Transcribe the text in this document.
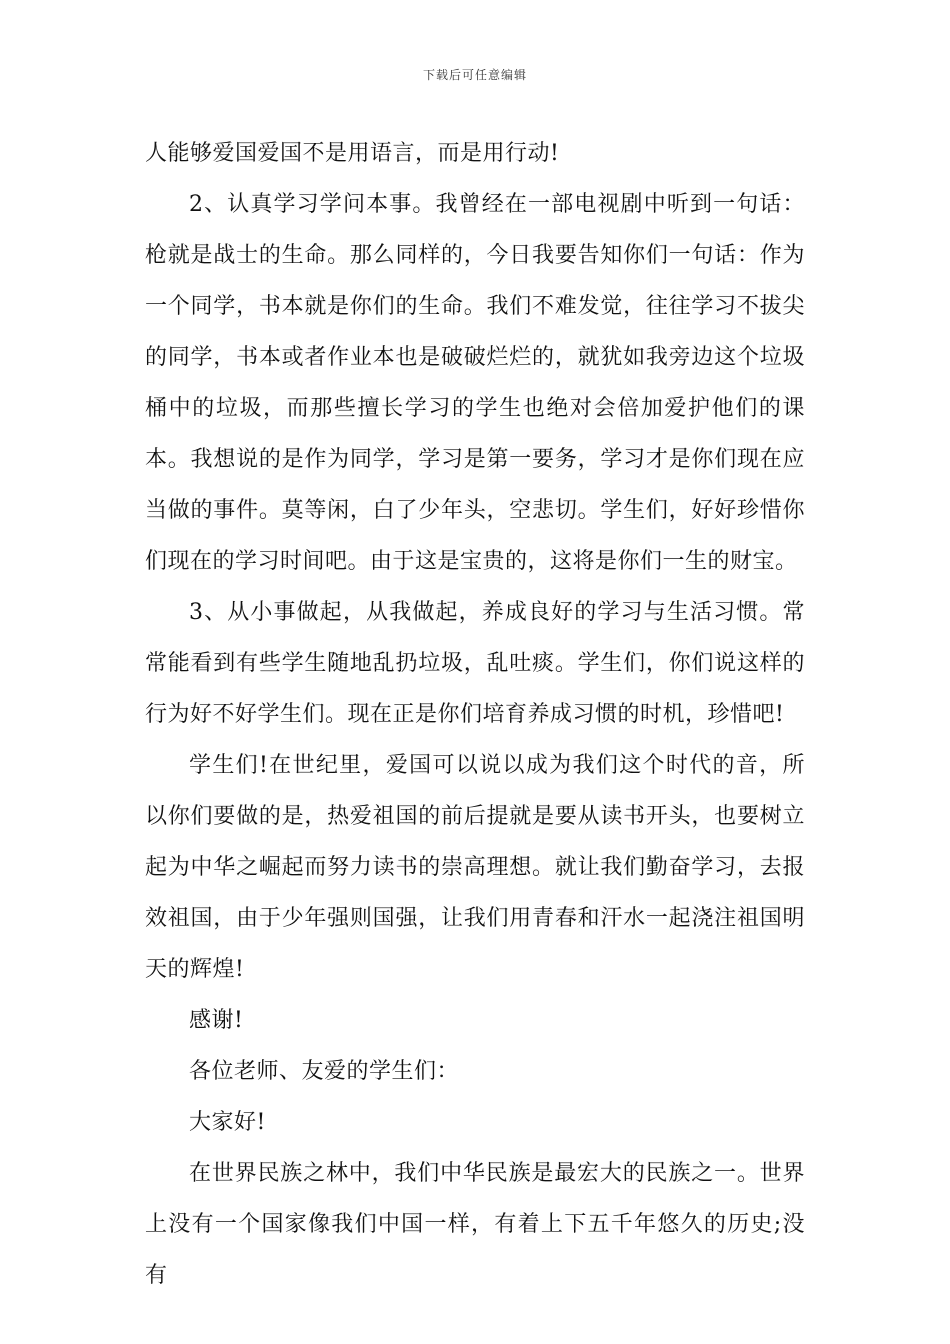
下载后可任意编辑

人能够爱国爱国不是用语言，而是用行动!

2、认真学习学问本事。我曾经在一部电视剧中听到一句话：枪就是战士的生命。那么同样的，今日我要告知你们一句话：作为一个同学，书本就是你们的生命。我们不难发觉，往往学习不拔尖的同学，书本或者作业本也是破破烂烂的，就犹如我旁边这个垃圾桶中的垃圾，而那些擅长学习的学生也绝对会倍加爱护他们的课本。我想说的是作为同学，学习是第一要务，学习才是你们现在应当做的事件。莫等闲，白了少年头，空悲切。学生们，好好珍惜你们现在的学习时间吧。由于这是宝贵的，这将是你们一生的财宝。

3、从小事做起，从我做起，养成良好的学习与生活习惯。常常能看到有些学生随地乱扔垃圾，乱吐痰。学生们，你们说这样的行为好不好学生们。现在正是你们培育养成习惯的时机，珍惜吧!

学生们!在世纪里，爱国可以说以成为我们这个时代的音，所以你们要做的是，热爱祖国的前后提就是要从读书开头，也要树立起为中华之崛起而努力读书的崇高理想。就让我们勤奋学习，去报效祖国，由于少年强则国强，让我们用青春和汗水一起浇注祖国明天的辉煌!

感谢!

各位老师、友爱的学生们：

大家好!

在世界民族之林中，我们中华民族是最宏大的民族之一。世界上没有一个国家像我们中国一样，有着上下五千年悠久的历史;没有
